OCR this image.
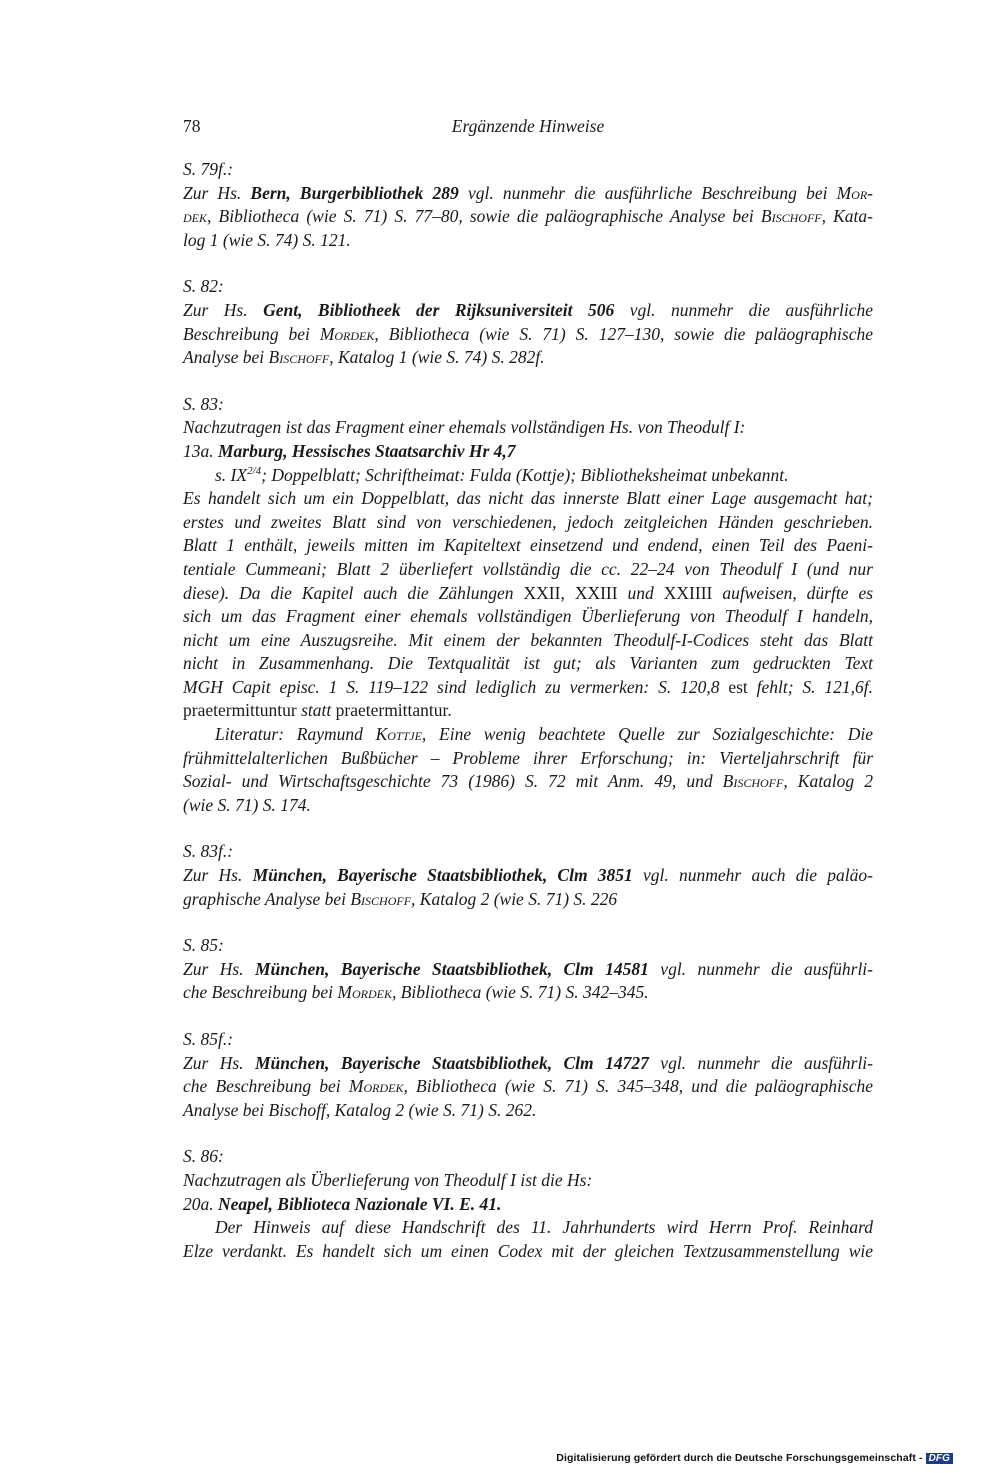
78	Ergänzende Hinweise
S. 79f.:
Zur Hs. Bern, Burgerbibliothek 289 vgl. nunmehr die ausführliche Beschreibung bei Mor-
dek, Bibliotheca (wie S. 71) S. 77–80, sowie die paläographische Analyse bei Bischoff, Kata-
log 1 (wie S. 74) S. 121.
S. 82:
Zur Hs. Gent, Bibliotheek der Rijksuniversiteit 506 vgl. nunmehr die ausführliche
Beschreibung bei Mordek, Bibliotheca (wie S. 71) S. 127–130, sowie die paläographische
Analyse bei Bischoff, Katalog 1 (wie S. 74) S. 282f.
S. 83:
Nachzutragen ist das Fragment einer ehemals vollständigen Hs. von Theodulf I:
13a. Marburg, Hessisches Staatsarchiv Hr 4,7
s. $IX^{2/4}$; Doppelblatt; Schriftheimat: Fulda (Kottje); Bibliotheksheimat unbekannt.
Es handelt sich um ein Doppelblatt, das nicht das innerste Blatt einer Lage ausgemacht hat;
erstes und zweites Blatt sind von verschiedenen, jedoch zeitgleichen Händen geschrieben.
Blatt 1 enthält, jeweils mitten im Kapiteltext einsetzend und endend, einen Teil des Paeni-
tentiale Cummeani; Blatt 2 überliefert vollständig die cc. 22–24 von Theodulf I (und nur
diese). Da die Kapitel auch die Zählungen XXII, XXIII und XXIIII aufweisen, dürfte es
sich um das Fragment einer ehemals vollständigen Überlieferung von Theodulf I handeln,
nicht um eine Auszugsreihe. Mit einem der bekannten Theodulf-I-Codices steht das Blatt
nicht in Zusammenhang. Die Textqualität ist gut; als Varianten zum gedruckten Text
MGH Capit episc. 1 S. 119–122 sind lediglich zu vermerken: S. 120,8 est fehlt; S. 121,6f.
praetermittuntur statt praetermittantur.
Literatur: Raymund Kottje, Eine wenig beachtete Quelle zur Sozialgeschichte: Die
frühmittelalterlichen Bußbücher – Probleme ihrer Erforschung; in: Vierteljahrschrift für
Sozial- und Wirtschaftsgeschichte 73 (1986) S. 72 mit Anm. 49, und Bischoff, Katalog 2
(wie S. 71) S. 174.
S. 83f.:
Zur Hs. München, Bayerische Staatsbibliothek, Clm 3851 vgl. nunmehr auch die paläo-
graphische Analyse bei Bischoff, Katalog 2 (wie S. 71) S. 226
S. 85:
Zur Hs. München, Bayerische Staatsbibliothek, Clm 14581 vgl. nunmehr die ausführli-
che Beschreibung bei Mordek, Bibliotheca (wie S. 71) S. 342–345.
S. 85f.:
Zur Hs. München, Bayerische Staatsbibliothek, Clm 14727 vgl. nunmehr die ausführli-
che Beschreibung bei Mordek, Bibliotheca (wie S. 71) S. 345–348, und die paläographische
Analyse bei Bischoff, Katalog 2 (wie S. 71) S. 262.
S. 86:
Nachzutragen als Überlieferung von Theodulf I ist die Hs:
20a. Neapel, Biblioteca Nazionale VI. E. 41.
Der Hinweis auf diese Handschrift des 11. Jahrhunderts wird Herrn Prof. Reinhard
Elze verdankt. Es handelt sich um einen Codex mit der gleichen Textzusammenstellung wie
Digitalisierung gefördert durch die Deutsche Forschungsgemeinschaft - DFG
